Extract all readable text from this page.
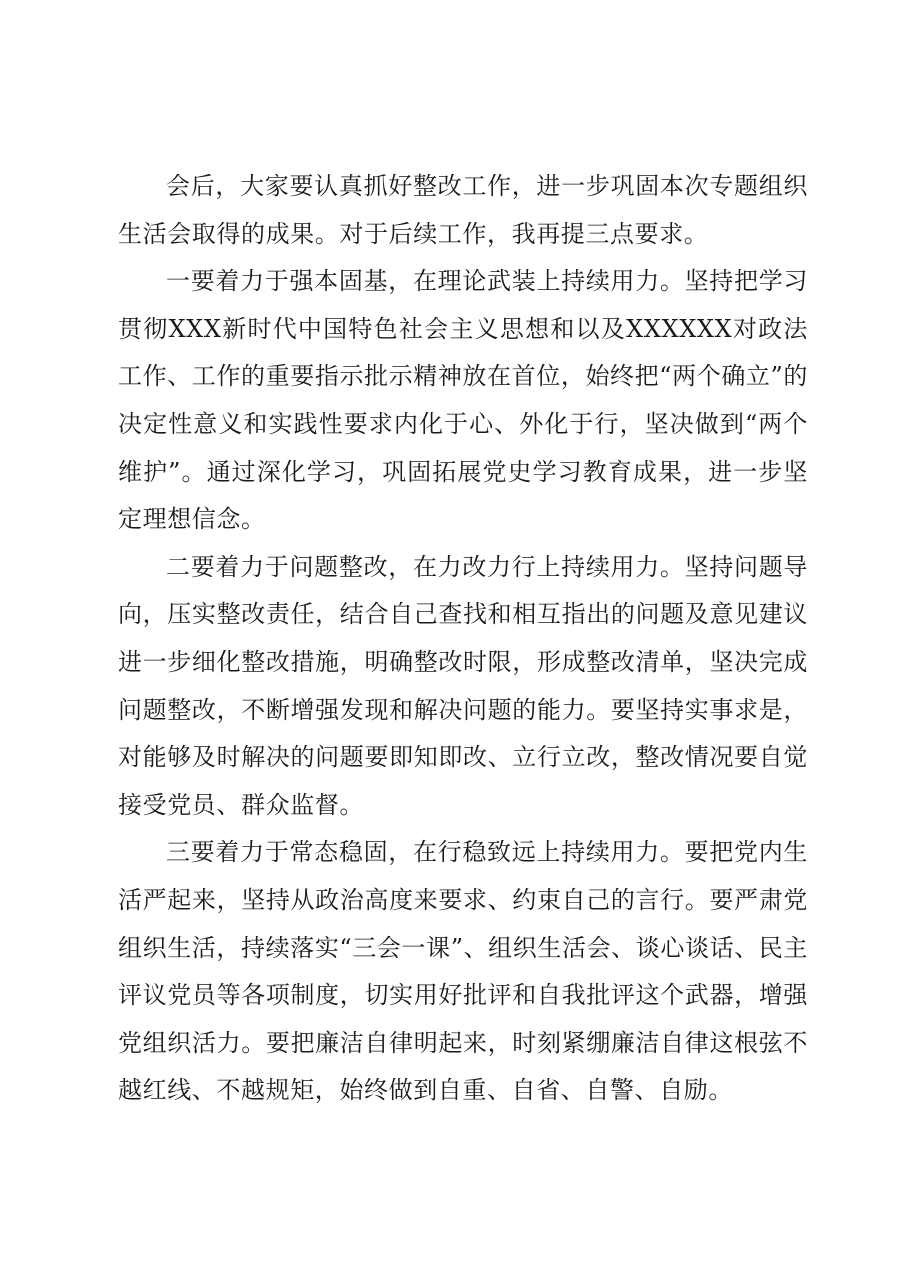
会后，大家要认真抓好整改工作，进一步巩固本次专题组织生活会取得的成果。对于后续工作，我再提三点要求。

一要着力于强本固基，在理论武装上持续用力。坚持把学习贯彻XXX新时代中国特色社会主义思想和以及XXXXXX对政法工作、工作的重要指示批示精神放在首位，始终把“两个确立”的决定性意义和实践性要求内化于心、外化于行，坚决做到“两个维护”。通过深化学习，巩固拓展党史学习教育成果，进一步坚定理想信念。

二要着力于问题整改，在力改力行上持续用力。坚持问题导向，压实整改责任，结合自己查找和相互指出的问题及意见建议进一步细化整改措施，明确整改时限，形成整改清单，坚决完成问题整改，不断增强发现和解决问题的能力。要坚持实事求是，对能够及时解决的问题要即知即改、立行立改，整改情况要自觉接受党员、群众监督。

三要着力于常态稳固，在行稳致远上持续用力。要把党内生活严起来，坚持从政治高度来要求、约束自己的言行。要严肃党组织生活，持续落实“三会一课”、组织生活会、谈心谈话、民主评议党员等各项制度，切实用好批评和自我批评这个武器，增强党组织活力。要把廉洁自律明起来，时刻紧绷廉洁自律这根弦不越红线、不越规矩，始终做到自重、自省、自警、自励。
